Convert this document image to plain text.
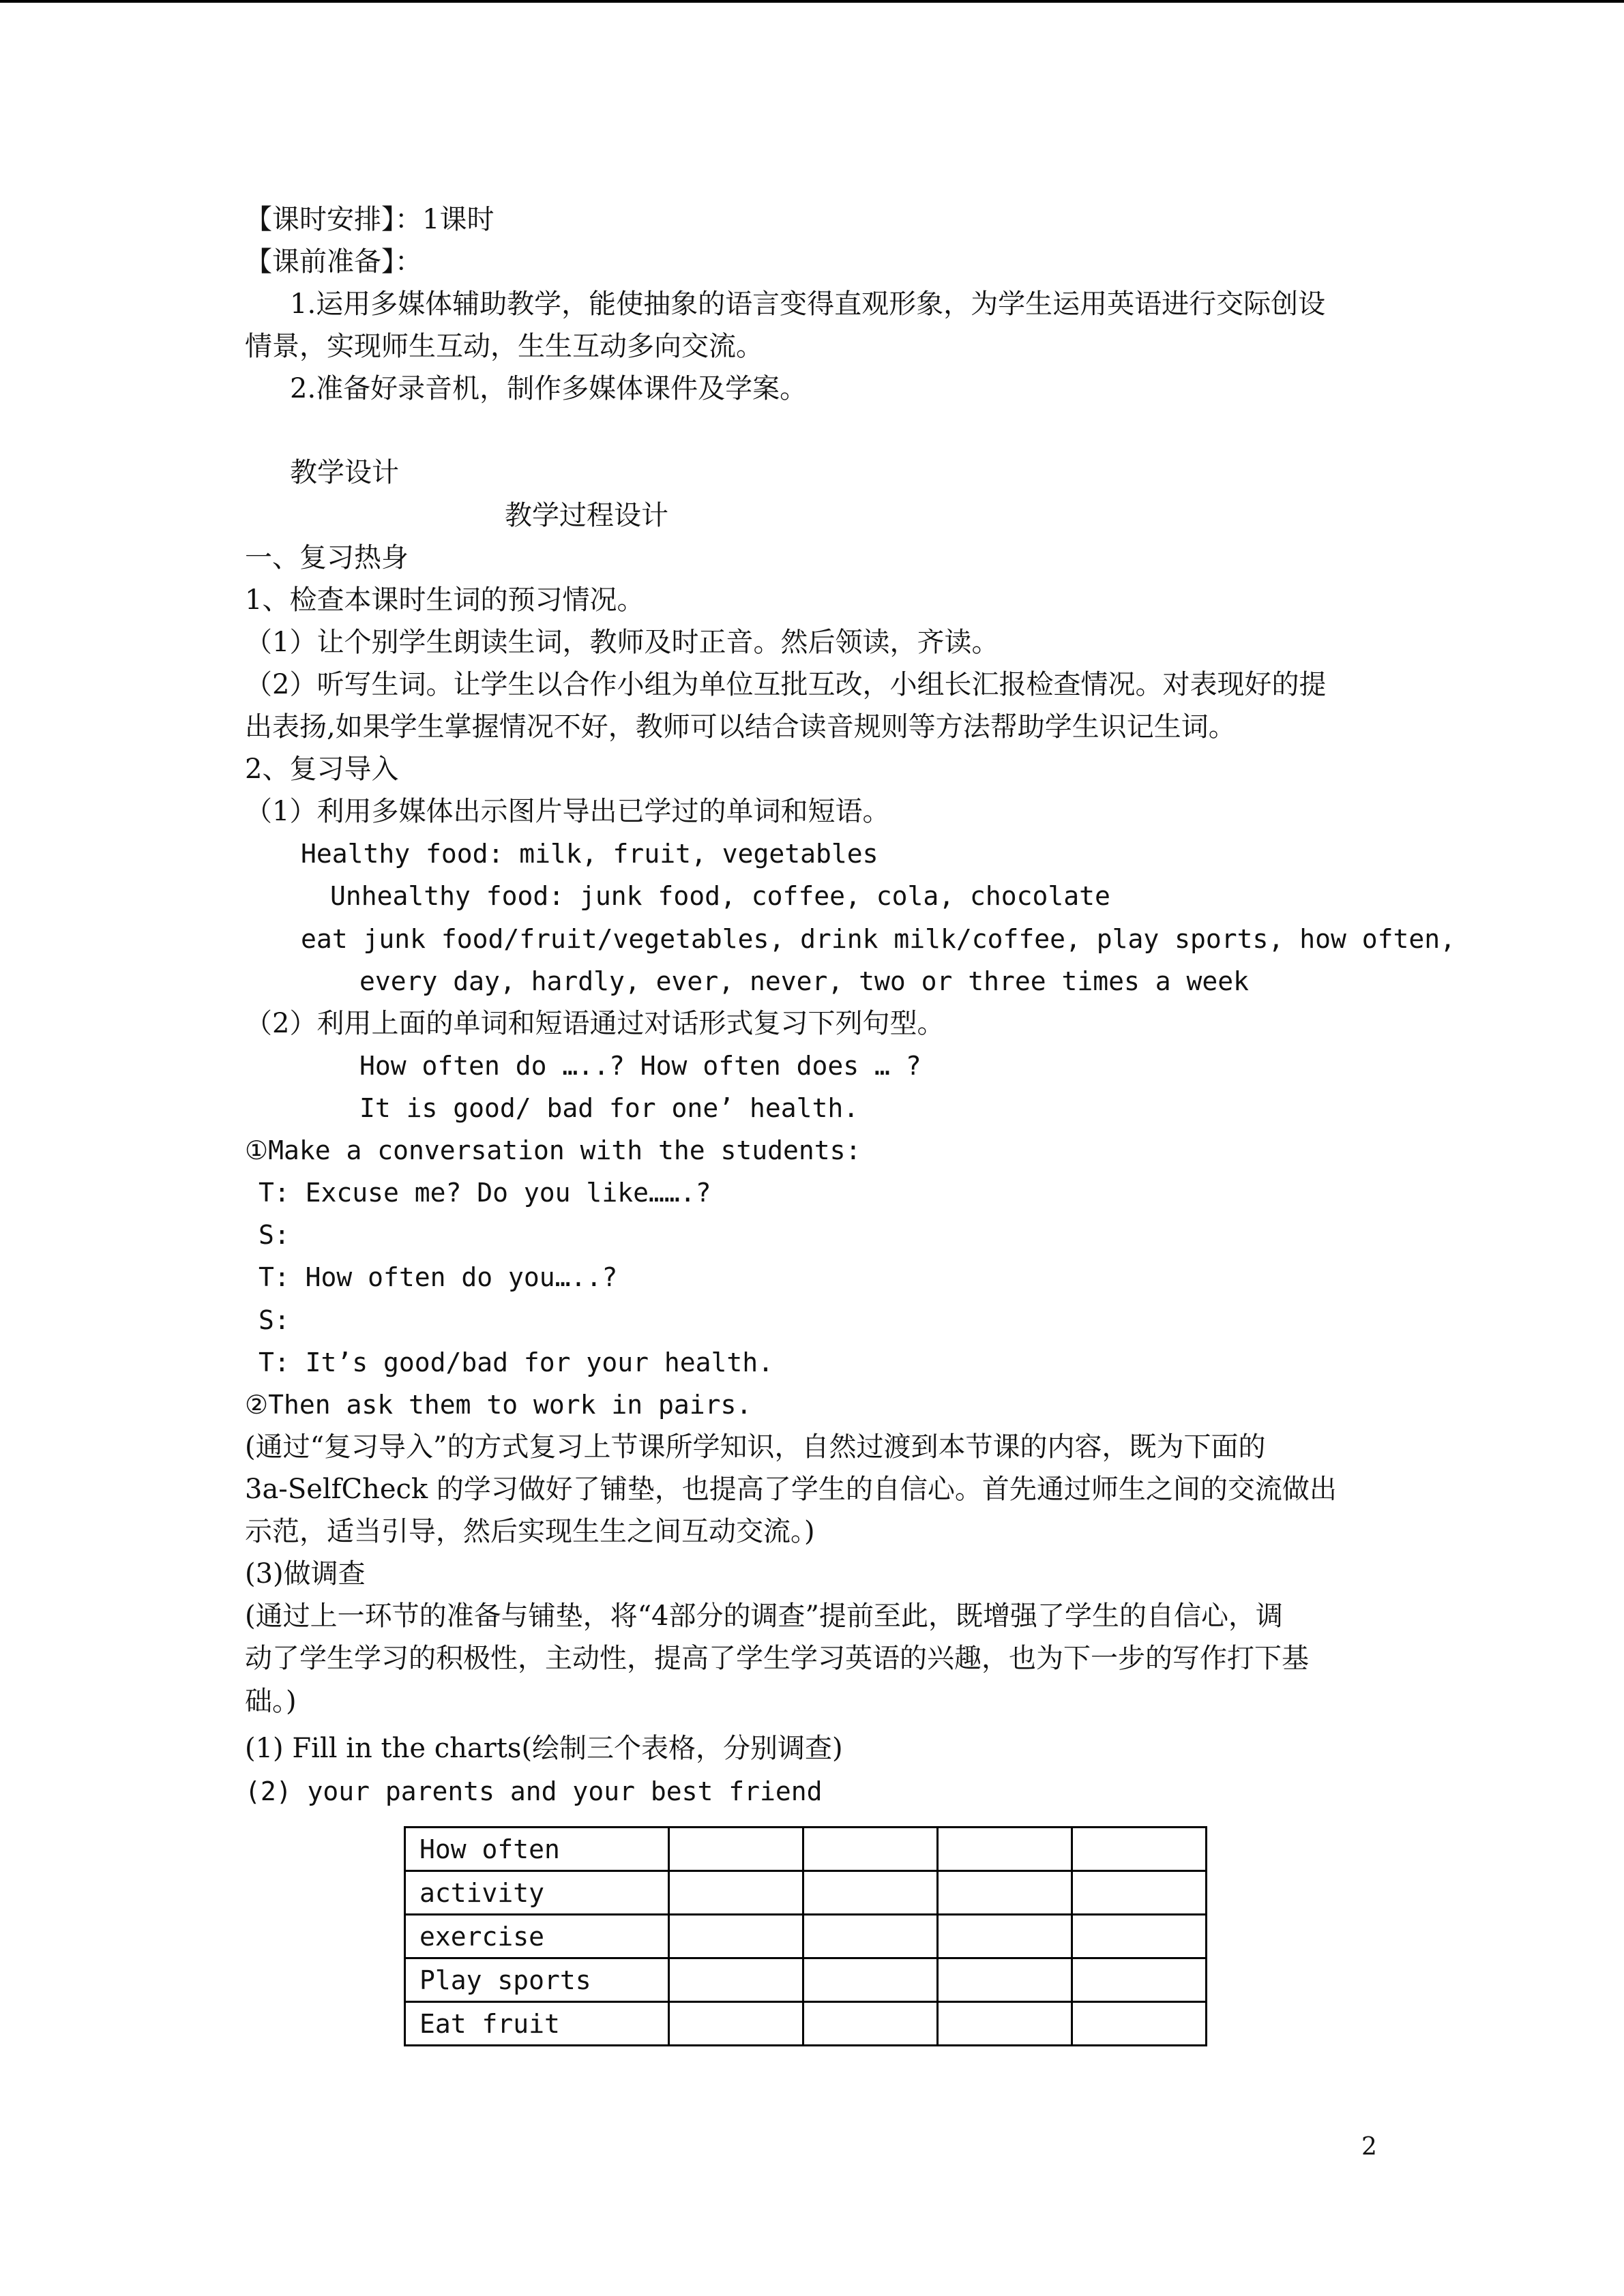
【课时安排】：1课时
【课前准备】：
1.运用多媒体辅助教学，能使抽象的语言变得直观形象，为学生运用英语进行交际创设
情景，实现师生互动，生生互动多向交流。
2.准备好录音机，制作多媒体课件及学案。
教学设计
教学过程设计
一、复习热身
1、检查本课时生词的预习情况。
（1）让个别学生朗读生词，教师及时正音。然后领读，齐读。
（2）听写生词。让学生以合作小组为单位互批互改，小组长汇报检查情况。对表现好的提
出表扬,如果学生掌握情况不好，教师可以结合读音规则等方法帮助学生识记生词。
2、复习导入
（1）利用多媒体出示图片导出已学过的单词和短语。
Healthy food: milk, fruit, vegetables
Unhealthy food: junk food, coffee, cola, chocolate
eat junk food/fruit/vegetables, drink milk/coffee, play sports, how often,
every day, hardly, ever, never, two or three times a week
（2）利用上面的单词和短语通过对话形式复习下列句型。
How often do …..? How often does … ?
It is good/ bad for one’ health.
①Make a conversation with the students:
T: Excuse me? Do you like…….?
S:
T: How often do you…..?
S:
T: It’s good/bad for your health.
②Then ask them to work in pairs.
(通过“复习导入”的方式复习上节课所学知识，自然过渡到本节课的内容，既为下面的
3a-SelfCheck 的学习做好了铺垫，也提高了学生的自信心。首先通过师生之间的交流做出
示范，适当引导，然后实现生生之间互动交流。)
(3)做调查
(通过上一环节的准备与铺垫，将“4部分的调查”提前至此，既增强了学生的自信心，调
动了学生学习的积极性，主动性，提高了学生学习英语的兴趣，也为下一步的写作打下基
础。)
(1) Fill in the charts(绘制三个表格，分别调查)
(2) your parents and your best friend
How often				
activity				
exercise				
Play sports				
Eat fruit				
2
